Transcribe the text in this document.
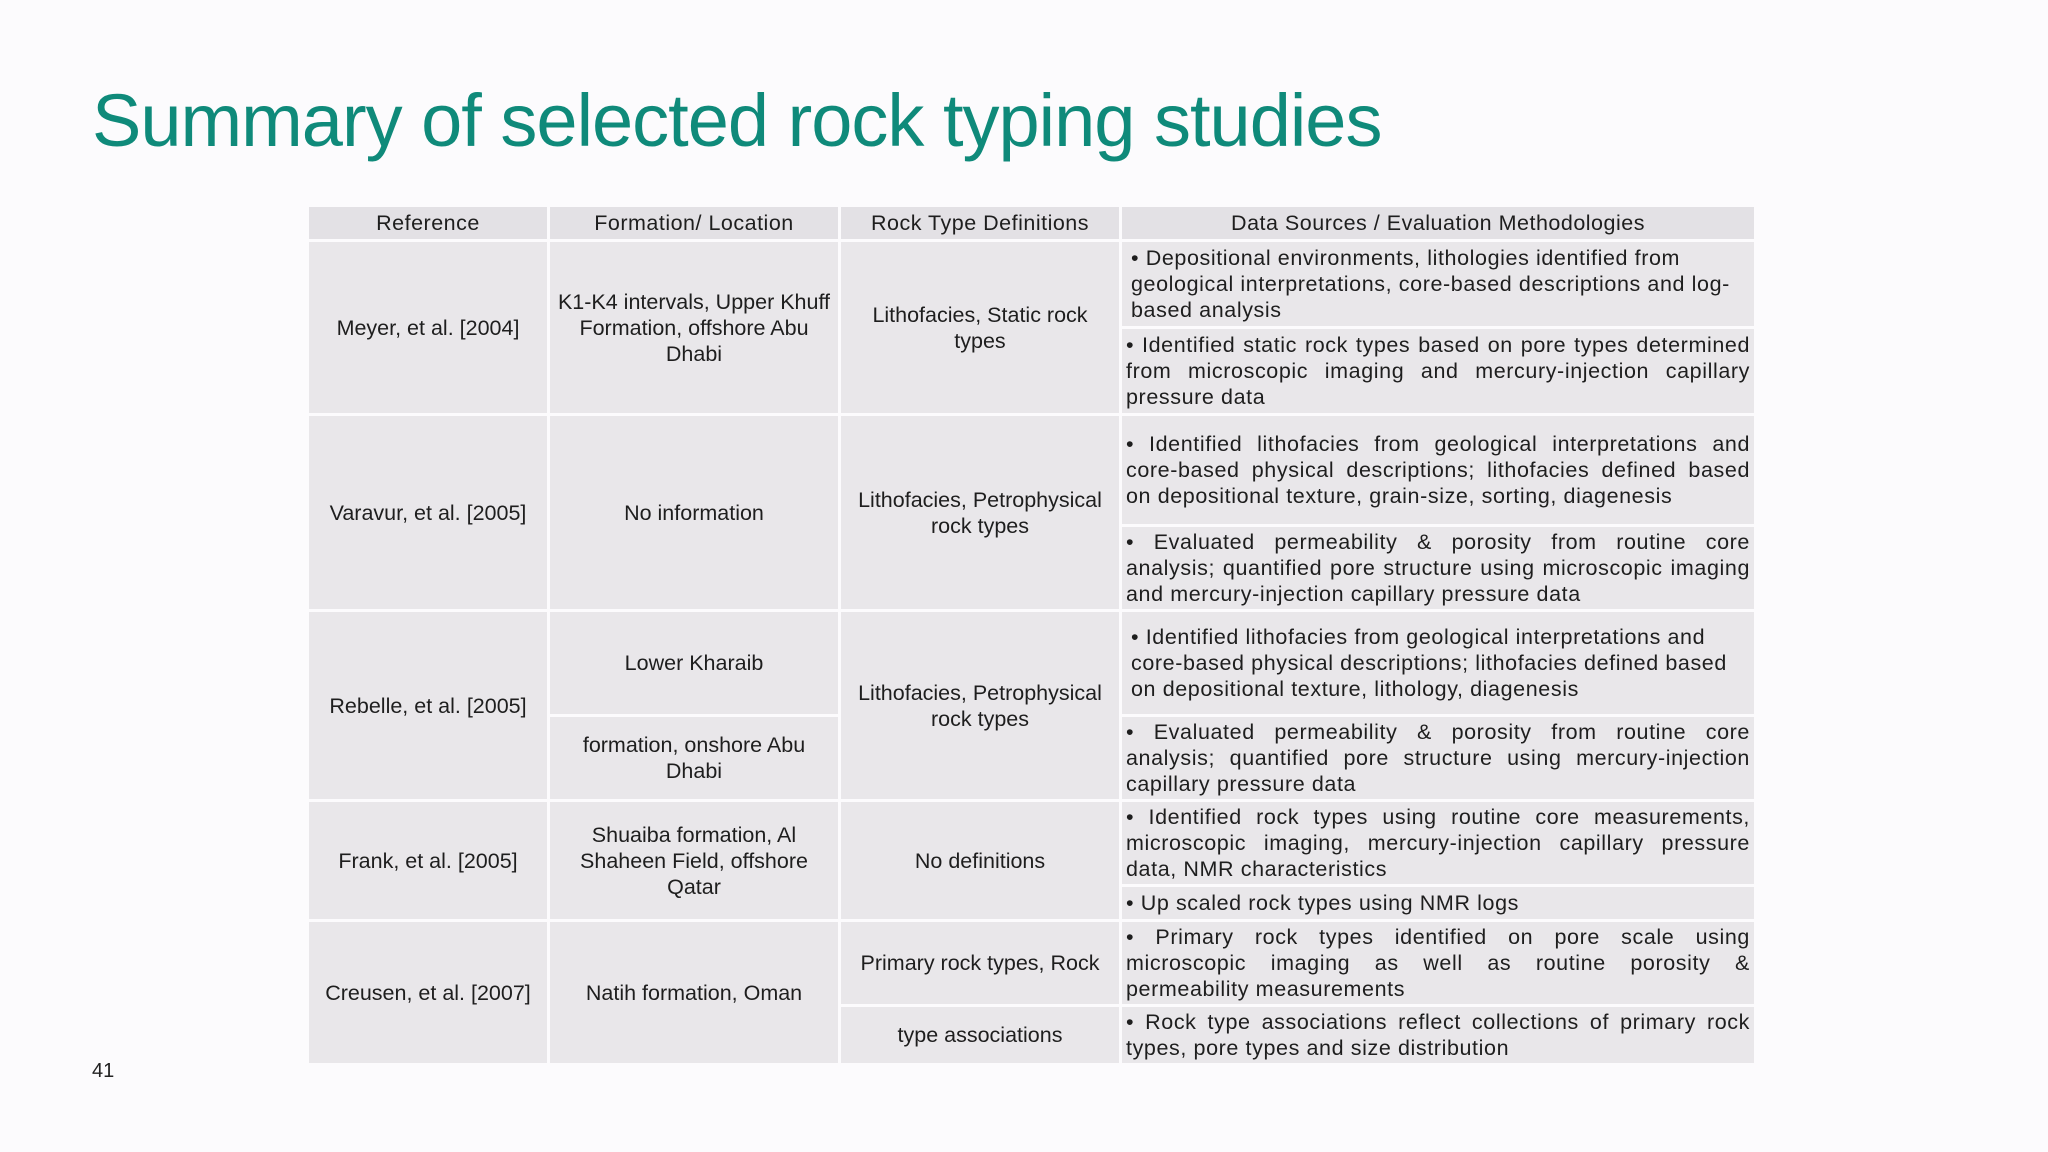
Summary of selected rock typing studies
Reference	Formation/ Location	Rock Type Definitions	Data Sources / Evaluation Methodologies
Meyer, et al. [2004]	K1-K4 intervals, Upper Khuff Formation, offshore Abu Dhabi	Lithofacies, Static rock types	• Depositional environments, lithologies identified from geological interpretations, core-based descriptions and log-based analysis
			• Identified static rock types based on pore types determined from microscopic imaging and mercury-injection capillary pressure data
Varavur, et al. [2005]	No information	Lithofacies, Petrophysical rock types	• Identified lithofacies from geological interpretations and core-based physical descriptions; lithofacies defined based on depositional texture, grain-size, sorting, diagenesis
			• Evaluated permeability & porosity from routine core analysis; quantified pore structure using microscopic imaging and mercury-injection capillary pressure data
Rebelle, et al. [2005]	Lower Kharaib	Lithofacies, Petrophysical rock types	• Identified lithofacies from geological interpretations and core-based physical descriptions; lithofacies defined based on depositional texture, lithology, diagenesis
	formation, onshore Abu Dhabi		• Evaluated permeability & porosity from routine core analysis; quantified pore structure using mercury-injection capillary pressure data
Frank, et al. [2005]	Shuaiba formation, Al Shaheen Field, offshore Qatar	No definitions	• Identified rock types using routine core measurements, microscopic imaging, mercury-injection capillary pressure data, NMR characteristics
			• Up scaled rock types using NMR logs
Creusen, et al. [2007]	Natih formation, Oman	Primary rock types, Rock	• Primary rock types identified on pore scale using microscopic imaging as well as routine porosity & permeability measurements
		type associations	• Rock type associations reflect collections of primary rock types, pore types and size distribution
41
